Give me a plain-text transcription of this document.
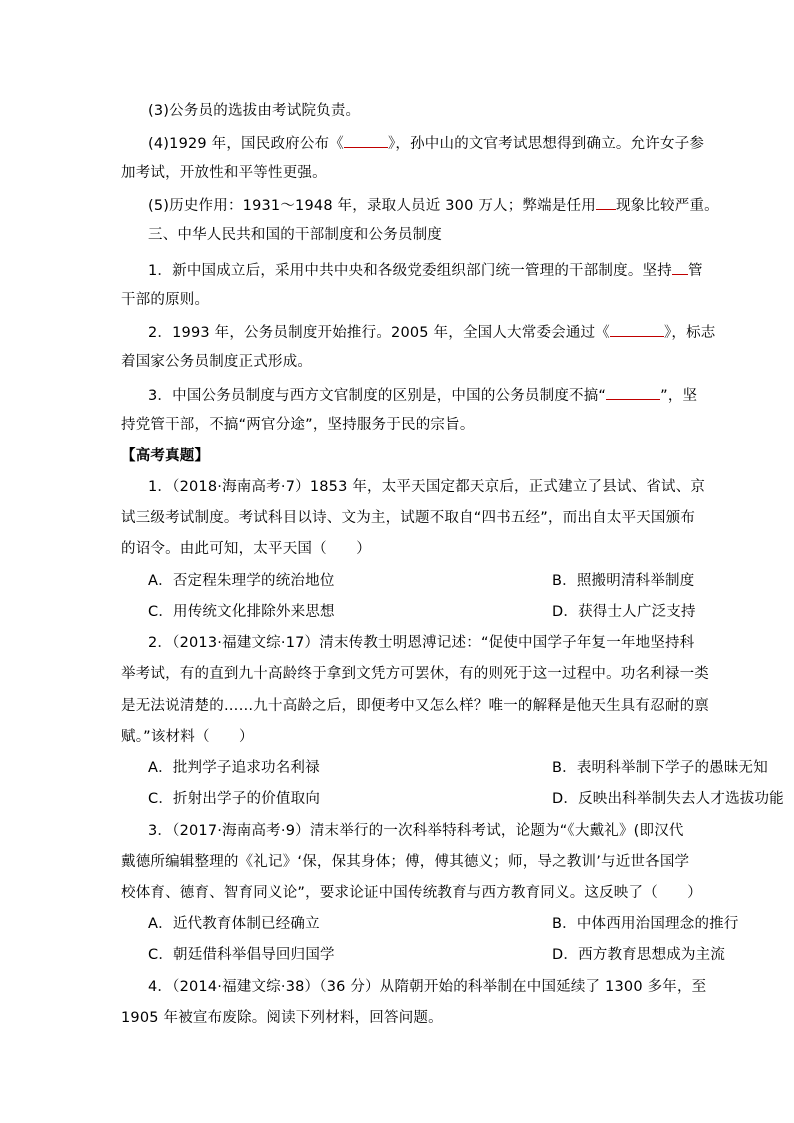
(3)公务员的选拔由考试院负责。
(4)1929 年，国民政府公布《	》，孙中山的文官考试思想得到确立。允许女子参
加考试，开放性和平等性更强。
(5)历史作用：1931～1948 年，录取人员近 300 万人；弊端是任用 现象比较严重。
三、中华人民共和国的干部制度和公务员制度
1．新中国成立后，采用中共中央和各级党委组织部门统一管理的干部制度。坚持 管
干部的原则。
2．1993 年，公务员制度开始推行。2005 年，全国人大常委会通过《	》，标志
着国家公务员制度正式形成。
3．中国公务员制度与西方文官制度的区别是，中国的公务员制度不搞“	”，坚
持党管干部，不搞“两官分途”，坚持服务于民的宗旨。
【高考真题】
1．（2018·海南高考·7）1853 年，太平天国定都天京后，正式建立了县试、省试、京
试三级考试制度。考试科目以诗、文为主，试题不取自“四书五经”，而出自太平天国颁布
的诏令。由此可知，太平天国（　　）
A．否定程朱理学的统治地位	B．照搬明清科举制度
C．用传统文化排除外来思想	D．获得士人广泛支持
2．（2013·福建文综·17）清末传教士明恩溥记述：“促使中国学子年复一年地坚持科
举考试，有的直到九十高龄终于拿到文凭方可罢休，有的则死于这一过程中。功名利禄一类
是无法说清楚的……九十高龄之后，即便考中又怎么样？唯一的解释是他天生具有忍耐的禀
赋。”该材料（　　）
A．批判学子追求功名利禄	B．表明科举制下学子的愚昧无知
C．折射出学子的价值取向	D．反映出科举制失去人才选拔功能
3．（2017·海南高考·9）清末举行的一次科举特科考试，论题为“《大戴礼》(即汉代
戴德所编辑整理的《礼记》‘保，保其身体；傅，傅其德义；师，导之教训’与近世各国学
校体育、德育、智育同义论”，要求论证中国传统教育与西方教育同义。这反映了（　　）
A．近代教育体制已经确立	B．中体西用治国理念的推行
C．朝廷借科举倡导回归国学	D．西方教育思想成为主流
4．（2014·福建文综·38）（36 分）从隋朝开始的科举制在中国延续了 1300 多年，至
1905 年被宣布废除。阅读下列材料，回答问题。
